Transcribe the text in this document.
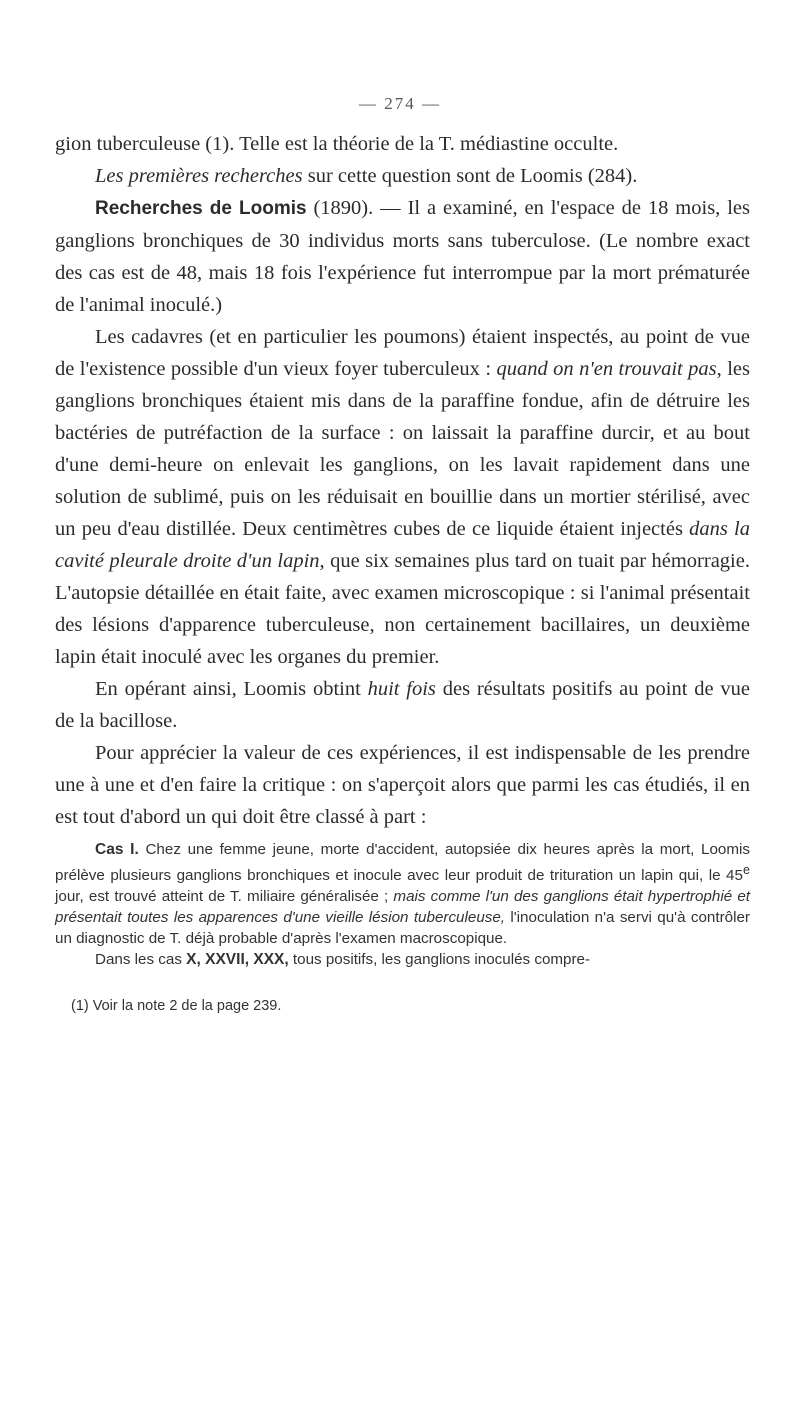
— 274 —

gion tuberculeuse (1). Telle est la théorie de la T. médiastine occulte.

Les premières recherches sur cette question sont de Loomis (284).

Recherches de Loomis (1890). — Il a examiné, en l'espace de 18 mois, les ganglions bronchiques de 30 individus morts sans tuberculose. (Le nombre exact des cas est de 48, mais 18 fois l'expérience fut interrompue par la mort prématurée de l'animal inoculé.)

Les cadavres (et en particulier les poumons) étaient inspectés, au point de vue de l'existence possible d'un vieux foyer tuberculeux : quand on n'en trouvait pas, les ganglions bronchiques étaient mis dans de la paraffine fondue, afin de détruire les bactéries de putréfaction de la surface : on laissait la paraffine durcir, et au bout d'une demi-heure on enlevait les ganglions, on les lavait rapidement dans une solution de sublimé, puis on les réduisait en bouillie dans un mortier stérilisé, avec un peu d'eau distillée. Deux centimètres cubes de ce liquide étaient injectés dans la cavité pleurale droite d'un lapin, que six semaines plus tard on tuait par hémorragie. L'autopsie détaillée en était faite, avec examen microscopique : si l'animal présentait des lésions d'apparence tuberculeuse, non certainement bacillaires, un deuxième lapin était inoculé avec les organes du premier.

En opérant ainsi, Loomis obtint huit fois des résultats positifs au point de vue de la bacillose.

Pour apprécier la valeur de ces expériences, il est indispensable de les prendre une à une et d'en faire la critique : on s'aperçoit alors que parmi les cas étudiés, il en est tout d'abord un qui doit être classé à part :

Cas I. Chez une femme jeune, morte d'accident, autopsiée dix heures après la mort, Loomis prélève plusieurs ganglions bronchiques et inocule avec leur produit de trituration un lapin qui, le 45e jour, est trouvé atteint de T. miliaire généralisée ; mais comme l'un des ganglions était hypertrophié et présentait toutes les apparences d'une vieille lésion tuberculeuse, l'inoculation n'a servi qu'à contrôler un diagnostic de T. déjà probable d'après l'examen macroscopique.

Dans les cas X, XXVII, XXX, tous positifs, les ganglions inoculés compre-

(1) Voir la note 2 de la page 239.
